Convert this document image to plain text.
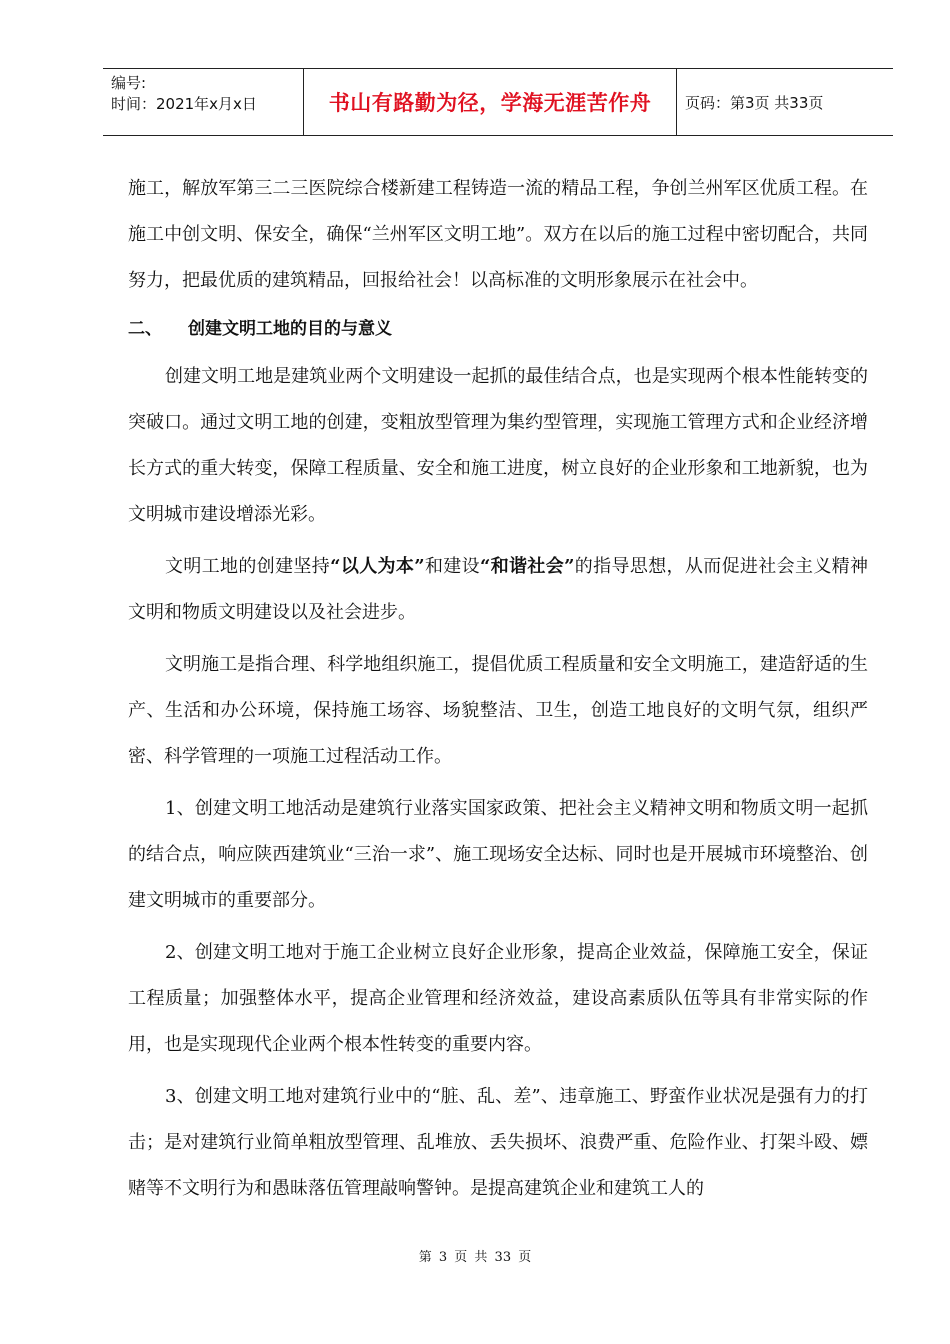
编号:
时间：2021年x月x日	书山有路勤为径，学海无涯苦作舟	页码：第3页 共33页

施工，解放军第三二三医院综合楼新建工程铸造一流的精品工程，争创兰州军区优质工程。在施工中创文明、保安全，确保“兰州军区文明工地”。双方在以后的施工过程中密切配合，共同努力，把最优质的建筑精品，回报给社会！以高标准的文明形象展示在社会中。

二、 创建文明工地的目的与意义

创建文明工地是建筑业两个文明建设一起抓的最佳结合点，也是实现两个根本性能转变的突破口。通过文明工地的创建，变粗放型管理为集约型管理，实现施工管理方式和企业经济增长方式的重大转变，保障工程质量、安全和施工进度，树立良好的企业形象和工地新貌，也为文明城市建设增添光彩。

文明工地的创建坚持“以人为本”和建设“和谐社会”的指导思想，从而促进社会主义精神文明和物质文明建设以及社会进步。

文明施工是指合理、科学地组织施工，提倡优质工程质量和安全文明施工，建造舒适的生产、生活和办公环境，保持施工场容、场貌整洁、卫生，创造工地良好的文明气氛，组织严密、科学管理的一项施工过程活动工作。

1、创建文明工地活动是建筑行业落实国家政策、把社会主义精神文明和物质文明一起抓的结合点，响应陕西建筑业“三治一求”、施工现场安全达标、同时也是开展城市环境整治、创建文明城市的重要部分。

2、创建文明工地对于施工企业树立良好企业形象，提高企业效益，保障施工安全，保证工程质量；加强整体水平，提高企业管理和经济效益，建设高素质队伍等具有非常实际的作用，也是实现现代企业两个根本性转变的重要内容。

3、创建文明工地对建筑行业中的“脏、乱、差”、违章施工、野蛮作业状况是强有力的打击；是对建筑行业简单粗放型管理、乱堆放、丢失损坏、浪费严重、危险作业、打架斗殴、嫖赌等不文明行为和愚昧落伍管理敲响警钟。是提高建筑企业和建筑工人的

第 3 页 共 33 页
